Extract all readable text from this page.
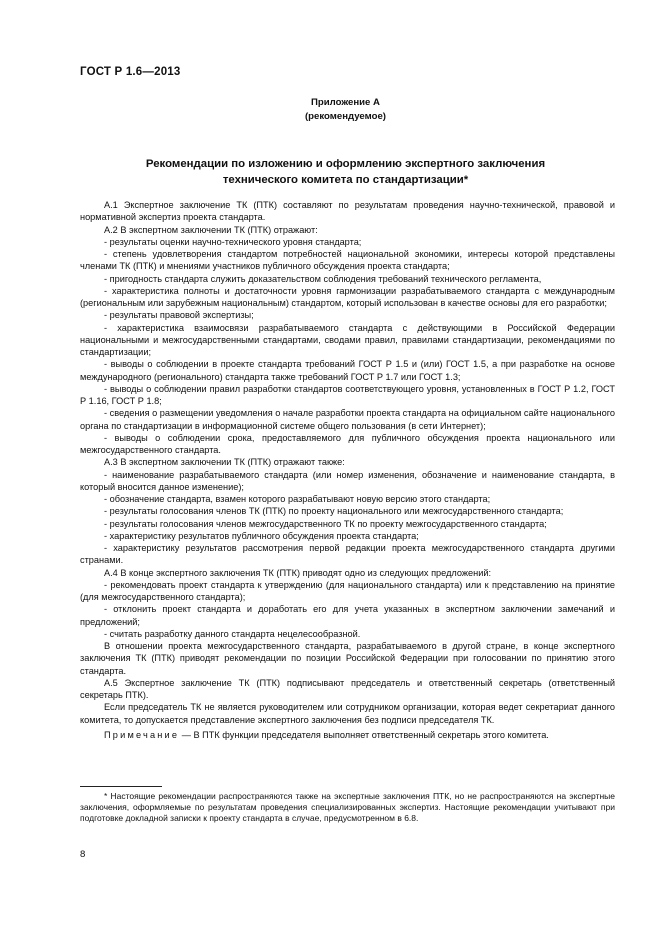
ГОСТ Р 1.6—2013
Приложение А
(рекомендуемое)
Рекомендации по изложению и оформлению экспертного заключения
технического комитета по стандартизации*

А.1 Экспертное заключение ТК (ПТК) составляют по результатам проведения научно-технической, правовой и нормативной экспертиз проекта стандарта.

А.2 В экспертном заключении ТК (ПТК) отражают:

- результаты оценки научно-технического уровня стандарта;

- степень удовлетворения стандартом потребностей национальной экономики, интересы которой представлены членами ТК (ПТК) и мнениями участников публичного обсуждения проекта стандарта;

- пригодность стандарта служить доказательством соблюдения требований технического регламента,

- характеристика полноты и достаточности уровня гармонизации разрабатываемого стандарта с международным (региональным или зарубежным национальным) стандартом, который использован в качестве основы для его разработки;

- результаты правовой экспертизы;

- характеристика взаимосвязи разрабатываемого стандарта с действующими в Российской Федерации национальными и межгосударственными стандартами, сводами правил, правилами стандартизации, рекомендациями по стандартизации;

- выводы о соблюдении в проекте стандарта требований ГОСТ Р 1.5 и (или) ГОСТ 1.5, а при разработке на основе международного (регионального) стандарта также требований ГОСТ Р 1.7 или ГОСТ 1.3;

- выводы о соблюдении правил разработки стандартов соответствующего уровня, установленных в ГОСТ Р 1.2, ГОСТ Р 1.16, ГОСТ Р 1.8;

- сведения о размещении уведомления о начале разработки проекта стандарта на официальном сайте национального органа по стандартизации в информационной системе общего пользования (в сети Интернет);

- выводы о соблюдении срока, предоставляемого для публичного обсуждения проекта национального или межгосударственного стандарта.

А.3 В экспертном заключении ТК (ПТК) отражают также:

- наименование разрабатываемого стандарта (или номер изменения, обозначение и наименование стандарта, в который вносится данное изменение);

- обозначение стандарта, взамен которого разрабатывают новую версию этого стандарта;

- результаты голосования членов ТК (ПТК) по проекту национального или межгосударственного стандарта;

- результаты голосования членов межгосударственного ТК по проекту межгосударственного стандарта;

- характеристику результатов публичного обсуждения проекта стандарта;

- характеристику результатов рассмотрения первой редакции проекта межгосударственного стандарта другими странами.

А.4 В конце экспертного заключения ТК (ПТК) приводят одно из следующих предложений:

- рекомендовать проект стандарта к утверждению (для национального стандарта) или к представлению на принятие (для межгосударственного стандарта);

- отклонить проект стандарта и доработать его для учета указанных в экспертном заключении замечаний и предложений;

- считать разработку данного стандарта нецелесообразной.

В отношении проекта межгосударственного стандарта, разрабатываемого в другой стране, в конце экспертного заключения ТК (ПТК) приводят рекомендации по позиции Российской Федерации при голосовании по принятию этого стандарта.

А.5 Экспертное заключение ТК (ПТК) подписывают председатель и ответственный секретарь (ответственный секретарь ПТК).

Если председатель ТК не является руководителем или сотрудником организации, которая ведет секретариат данного комитета, то допускается представление экспертного заключения без подписи председателя ТК.

Примечание — В ПТК функции председателя выполняет ответственный секретарь этого комитета.

* Настоящие рекомендации распространяются также на экспертные заключения ПТК, но не распространяются на экспертные заключения, оформляемые по результатам проведения специализированных экспертиз. Настоящие рекомендации учитывают при подготовке докладной записки к проекту стандарта в случае, предусмотренном в 6.8.

8
